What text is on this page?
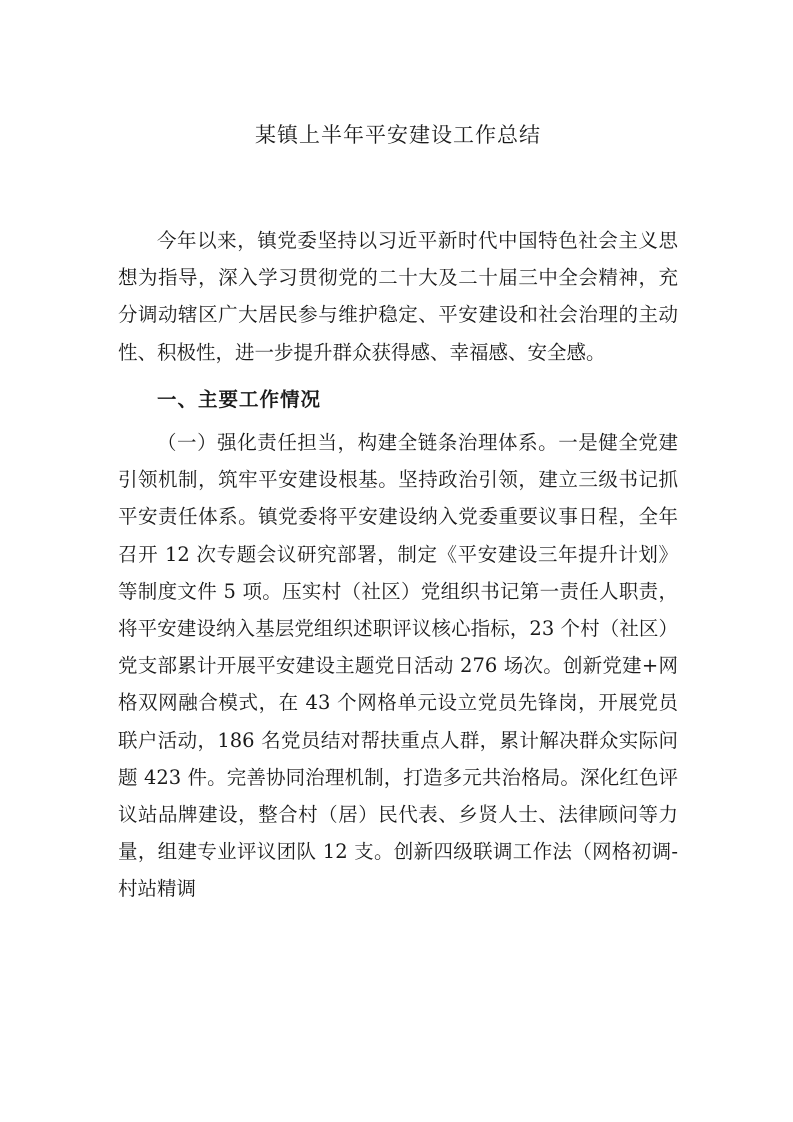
某镇上半年平安建设工作总结

今年以来，镇党委坚持以习近平新时代中国特色社会主义思想为指导，深入学习贯彻党的二十大及二十届三中全会精神，充分调动辖区广大居民参与维护稳定、平安建设和社会治理的主动性、积极性，进一步提升群众获得感、幸福感、安全感。

一、主要工作情况

（一）强化责任担当，构建全链条治理体系。一是健全党建引领机制，筑牢平安建设根基。坚持政治引领，建立三级书记抓平安责任体系。镇党委将平安建设纳入党委重要议事日程，全年召开 12 次专题会议研究部署，制定《平安建设三年提升计划》等制度文件 5 项。压实村（社区）党组织书记第一责任人职责，将平安建设纳入基层党组织述职评议核心指标，23 个村（社区）党支部累计开展平安建设主题党日活动 276 场次。创新党建+网格双网融合模式，在 43 个网格单元设立党员先锋岗，开展党员联户活动，186 名党员结对帮扶重点人群，累计解决群众实际问题 423 件。完善协同治理机制，打造多元共治格局。深化红色评议站品牌建设，整合村（居）民代表、乡贤人士、法律顾问等力量，组建专业评议团队 12 支。创新四级联调工作法（网格初调-村站精调
